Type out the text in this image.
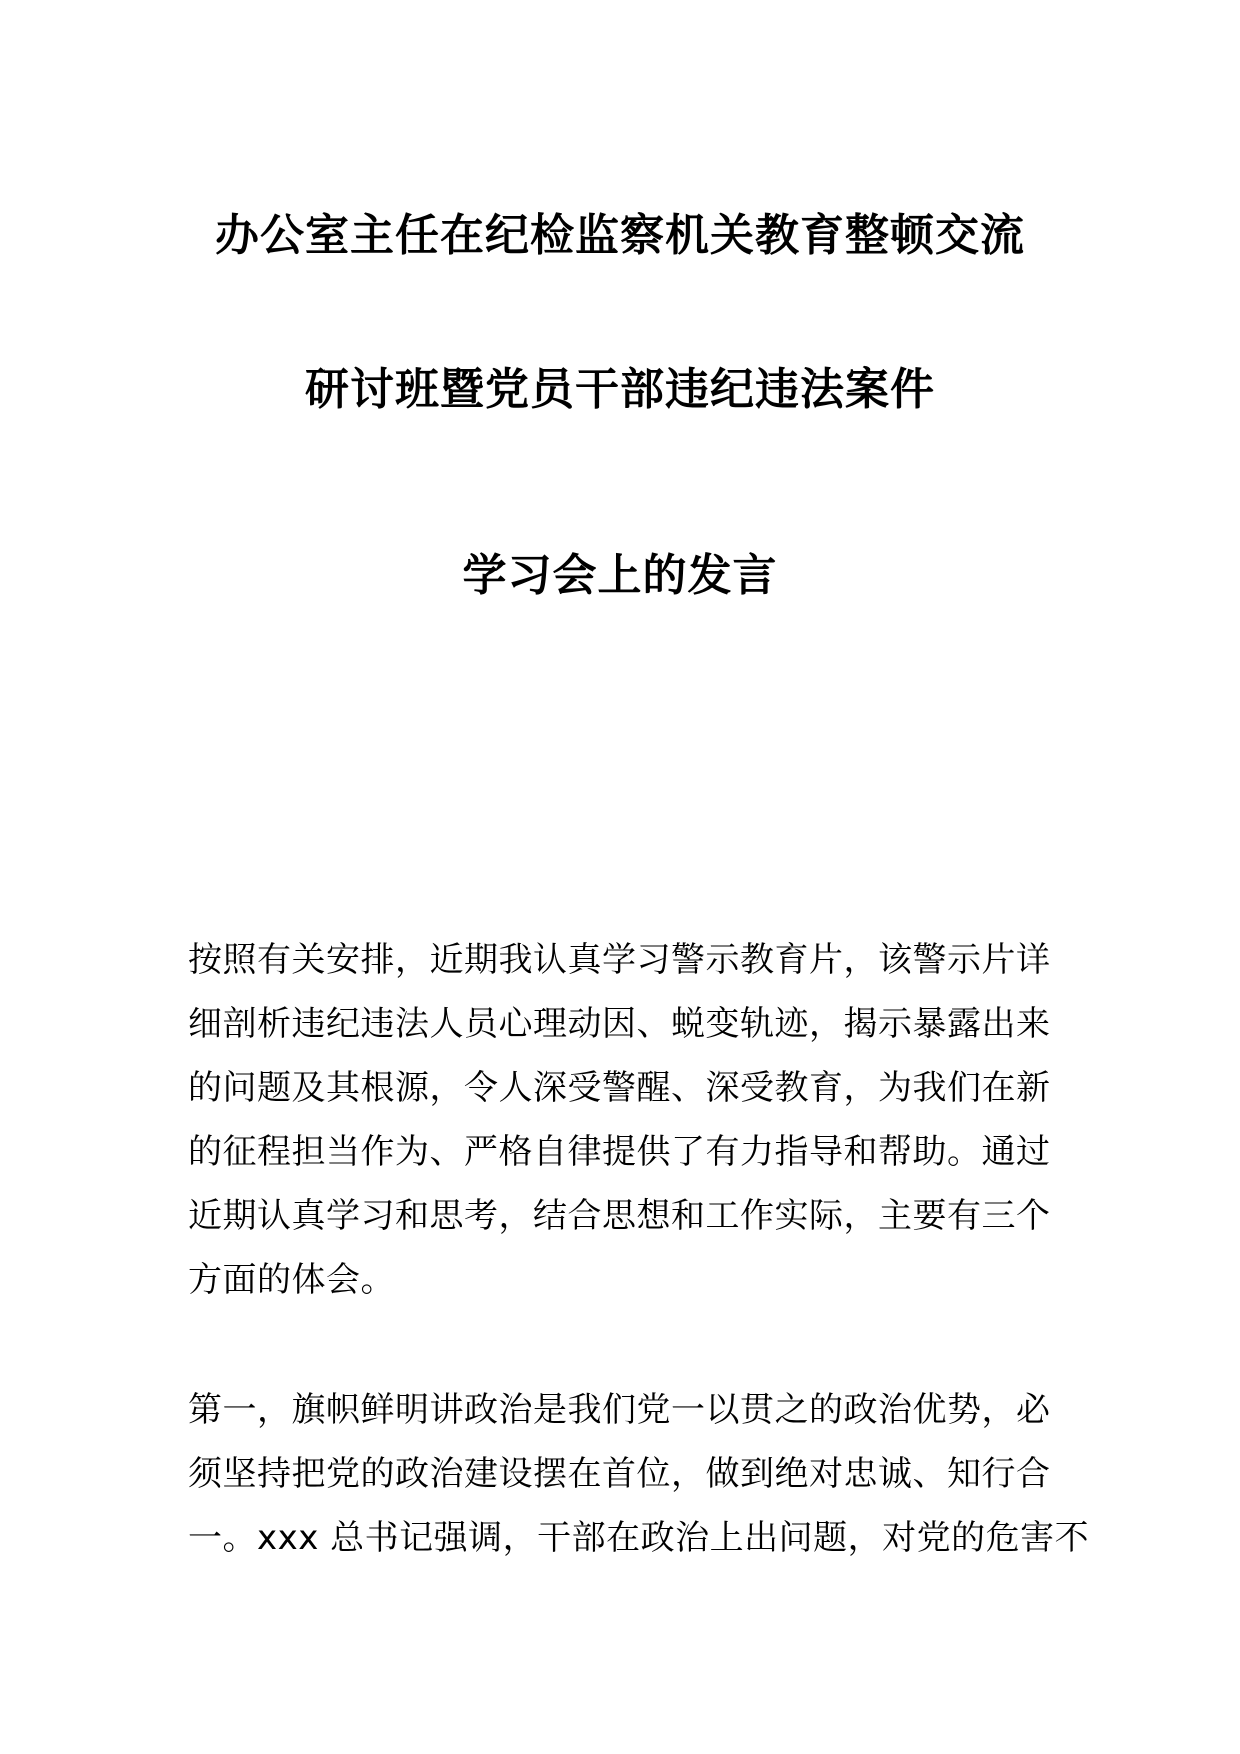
办公室主任在纪检监察机关教育整顿交流
研讨班暨党员干部违纪违法案件
学习会上的发言
按照有关安排，近期我认真学习警示教育片，该警示片详
细剖析违纪违法人员心理动因、蜕变轨迹，揭示暴露出来
的问题及其根源，令人深受警醒、深受教育，为我们在新
的征程担当作为、严格自律提供了有力指导和帮助。通过
近期认真学习和思考，结合思想和工作实际，主要有三个
方面的体会。
第一，旗帜鲜明讲政治是我们党一以贯之的政治优势，必
须坚持把党的政治建设摆在首位，做到绝对忠诚、知行合
一。xxx 总书记强调，干部在政治上出问题，对党的危害不
